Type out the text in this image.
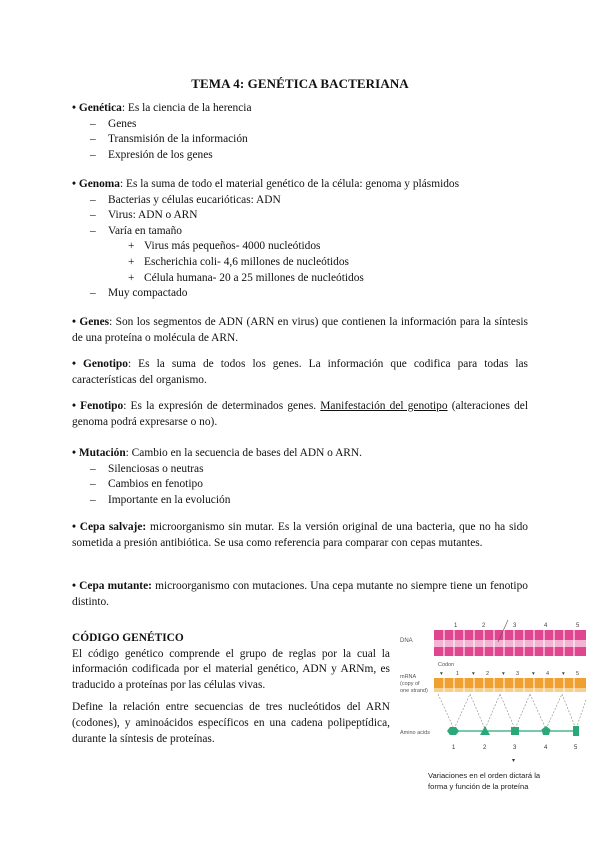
TEMA 4: GENÉTICA BACTERIANA

• Genética: Es la ciencia de la herencia

– Genes

– Transmisión de la información

– Expresión de los genes

• Genoma: Es la suma de todo el material genético de la célula: genoma y plásmidos

– Bacterias y células eucarióticas: ADN

– Virus: ADN o ARN

– Varía en tamaño

+ Virus más pequeños- 4000 nucleótidos

+ Escherichia coli- 4,6 millones de nucleótidos

+ Célula humana- 20 a 25 millones de nucleótidos

– Muy compactado

• Genes: Son los segmentos de ADN (ARN en virus) que contienen la información para la síntesis de una proteína o molécula de ARN.

• Genotipo: Es la suma de todos los genes. La información que codifica para todas las características del organismo.

• Fenotipo: Es la expresión de determinados genes. Manifestación del genotipo (alteraciones del genoma podrá expresarse o no).

• Mutación: Cambio en la secuencia de bases del ADN o ARN.

– Silenciosas o neutras

– Cambios en fenotipo

– Importante en la evolución

• Cepa salvaje: microorganismo sin mutar. Es la versión original de una bacteria, que no ha sido sometida a presión antibiótica. Se usa como referencia para comparar con cepas mutantes.

• Cepa mutante: microorganismo con mutaciones. Una cepa mutante no siempre tiene un fenotipo distinto.

CÓDIGO GENÉTICO

El código genético comprende el grupo de reglas por la cual la información codificada por el material genético, ADN y ARNm, es traducido a proteínas por las células vivas.

Define la relación entre secuencias de tres nucleótidos del ARN (codones), y aminoácidos específicos en una cadena polipeptídica, durante la síntesis de proteínas.

1	2	3	4	5
DNA
Codon
▾ 1 ▾ 2 ▾ 3 ▾ 4 ▾ 5
mRNA
(copy of
one strand)
Amino acids
1	2	3	4	5
▾
Variaciones en el orden dictará la
forma y función de la proteína
